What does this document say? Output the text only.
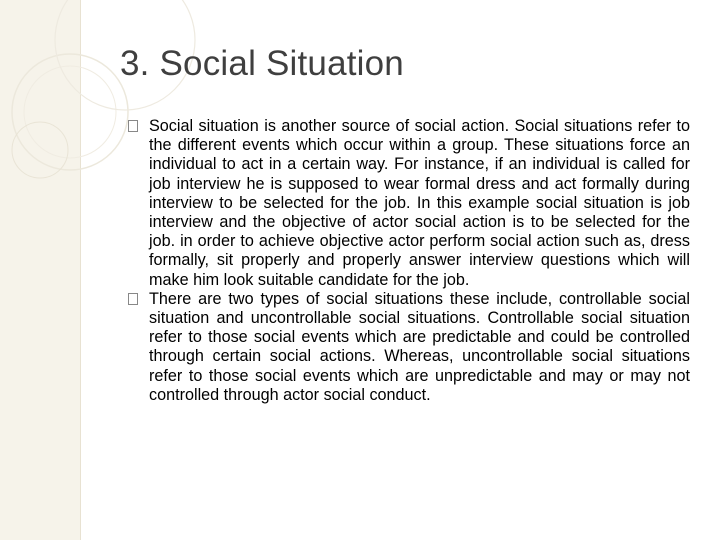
3. Social Situation
Social situation is another source of social action. Social situations refer to the different events which occur within a group. These situations force an individual to act in a certain way. For instance, if an individual is called for job interview he is supposed to wear formal dress and act formally during interview to be selected for the job. In this example social situation is job interview and the objective of actor social action is to be selected for the job. in order to achieve objective actor perform social action such as, dress formally, sit properly and properly answer interview questions which will make him look suitable candidate for the job.
There are two types of social situations these include, controllable social situation and uncontrollable social situations. Controllable social situation refer to those social events which are predictable and could be controlled through certain social actions. Whereas, uncontrollable social situations refer to those social events which are unpredictable and may or may not controlled through actor social conduct.
